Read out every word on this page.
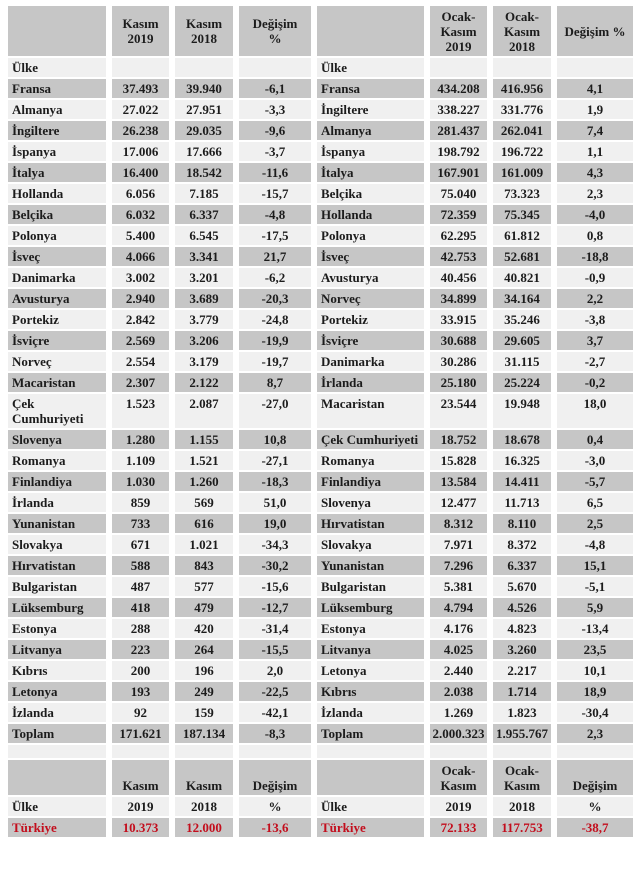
	Kasım 2019	Kasım 2018	Değişim %		Ocak-Kasım 2019	Ocak-Kasım 2018	Değişim %
Ülke				Ülke			
Fransa	37.493	39.940	-6,1	Fransa	434.208	416.956	4,1
Almanya	27.022	27.951	-3,3	İngiltere	338.227	331.776	1,9
İngiltere	26.238	29.035	-9,6	Almanya	281.437	262.041	7,4
İspanya	17.006	17.666	-3,7	İspanya	198.792	196.722	1,1
İtalya	16.400	18.542	-11,6	İtalya	167.901	161.009	4,3
Hollanda	6.056	7.185	-15,7	Belçika	75.040	73.323	2,3
Belçika	6.032	6.337	-4,8	Hollanda	72.359	75.345	-4,0
Polonya	5.400	6.545	-17,5	Polonya	62.295	61.812	0,8
İsveç	4.066	3.341	21,7	İsveç	42.753	52.681	-18,8
Danimarka	3.002	3.201	-6,2	Avusturya	40.456	40.821	-0,9
Avusturya	2.940	3.689	-20,3	Norveç	34.899	34.164	2,2
Portekiz	2.842	3.779	-24,8	Portekiz	33.915	35.246	-3,8
İsviçre	2.569	3.206	-19,9	İsviçre	30.688	29.605	3,7
Norveç	2.554	3.179	-19,7	Danimarka	30.286	31.115	-2,7
Macaristan	2.307	2.122	8,7	İrlanda	25.180	25.224	-0,2
Çek Cumhuriyeti	1.523	2.087	-27,0	Macaristan	23.544	19.948	18,0
Slovenya	1.280	1.155	10,8	Çek Cumhuriyeti	18.752	18.678	0,4
Romanya	1.109	1.521	-27,1	Romanya	15.828	16.325	-3,0
Finlandiya	1.030	1.260	-18,3	Finlandiya	13.584	14.411	-5,7
İrlanda	859	569	51,0	Slovenya	12.477	11.713	6,5
Yunanistan	733	616	19,0	Hırvatistan	8.312	8.110	2,5
Slovakya	671	1.021	-34,3	Slovakya	7.971	8.372	-4,8
Hırvatistan	588	843	-30,2	Yunanistan	7.296	6.337	15,1
Bulgaristan	487	577	-15,6	Bulgaristan	5.381	5.670	-5,1
Lüksemburg	418	479	-12,7	Lüksemburg	4.794	4.526	5,9
Estonya	288	420	-31,4	Estonya	4.176	4.823	-13,4
Litvanya	223	264	-15,5	Litvanya	4.025	3.260	23,5
Kıbrıs	200	196	2,0	Letonya	2.440	2.217	10,1
Letonya	193	249	-22,5	Kıbrıs	2.038	1.714	18,9
İzlanda	92	159	-42,1	İzlanda	1.269	1.823	-30,4
Toplam	171.621	187.134	-8,3	Toplam	2.000.323	1.955.767	2,3

	Kasım	Kasım	Değişim		Ocak-Kasım	Ocak-Kasım	Değişim
Ülke	2019	2018	%	Ülke	2019	2018	%
Türkiye	10.373	12.000	-13,6	Türkiye	72.133	117.753	-38,7
